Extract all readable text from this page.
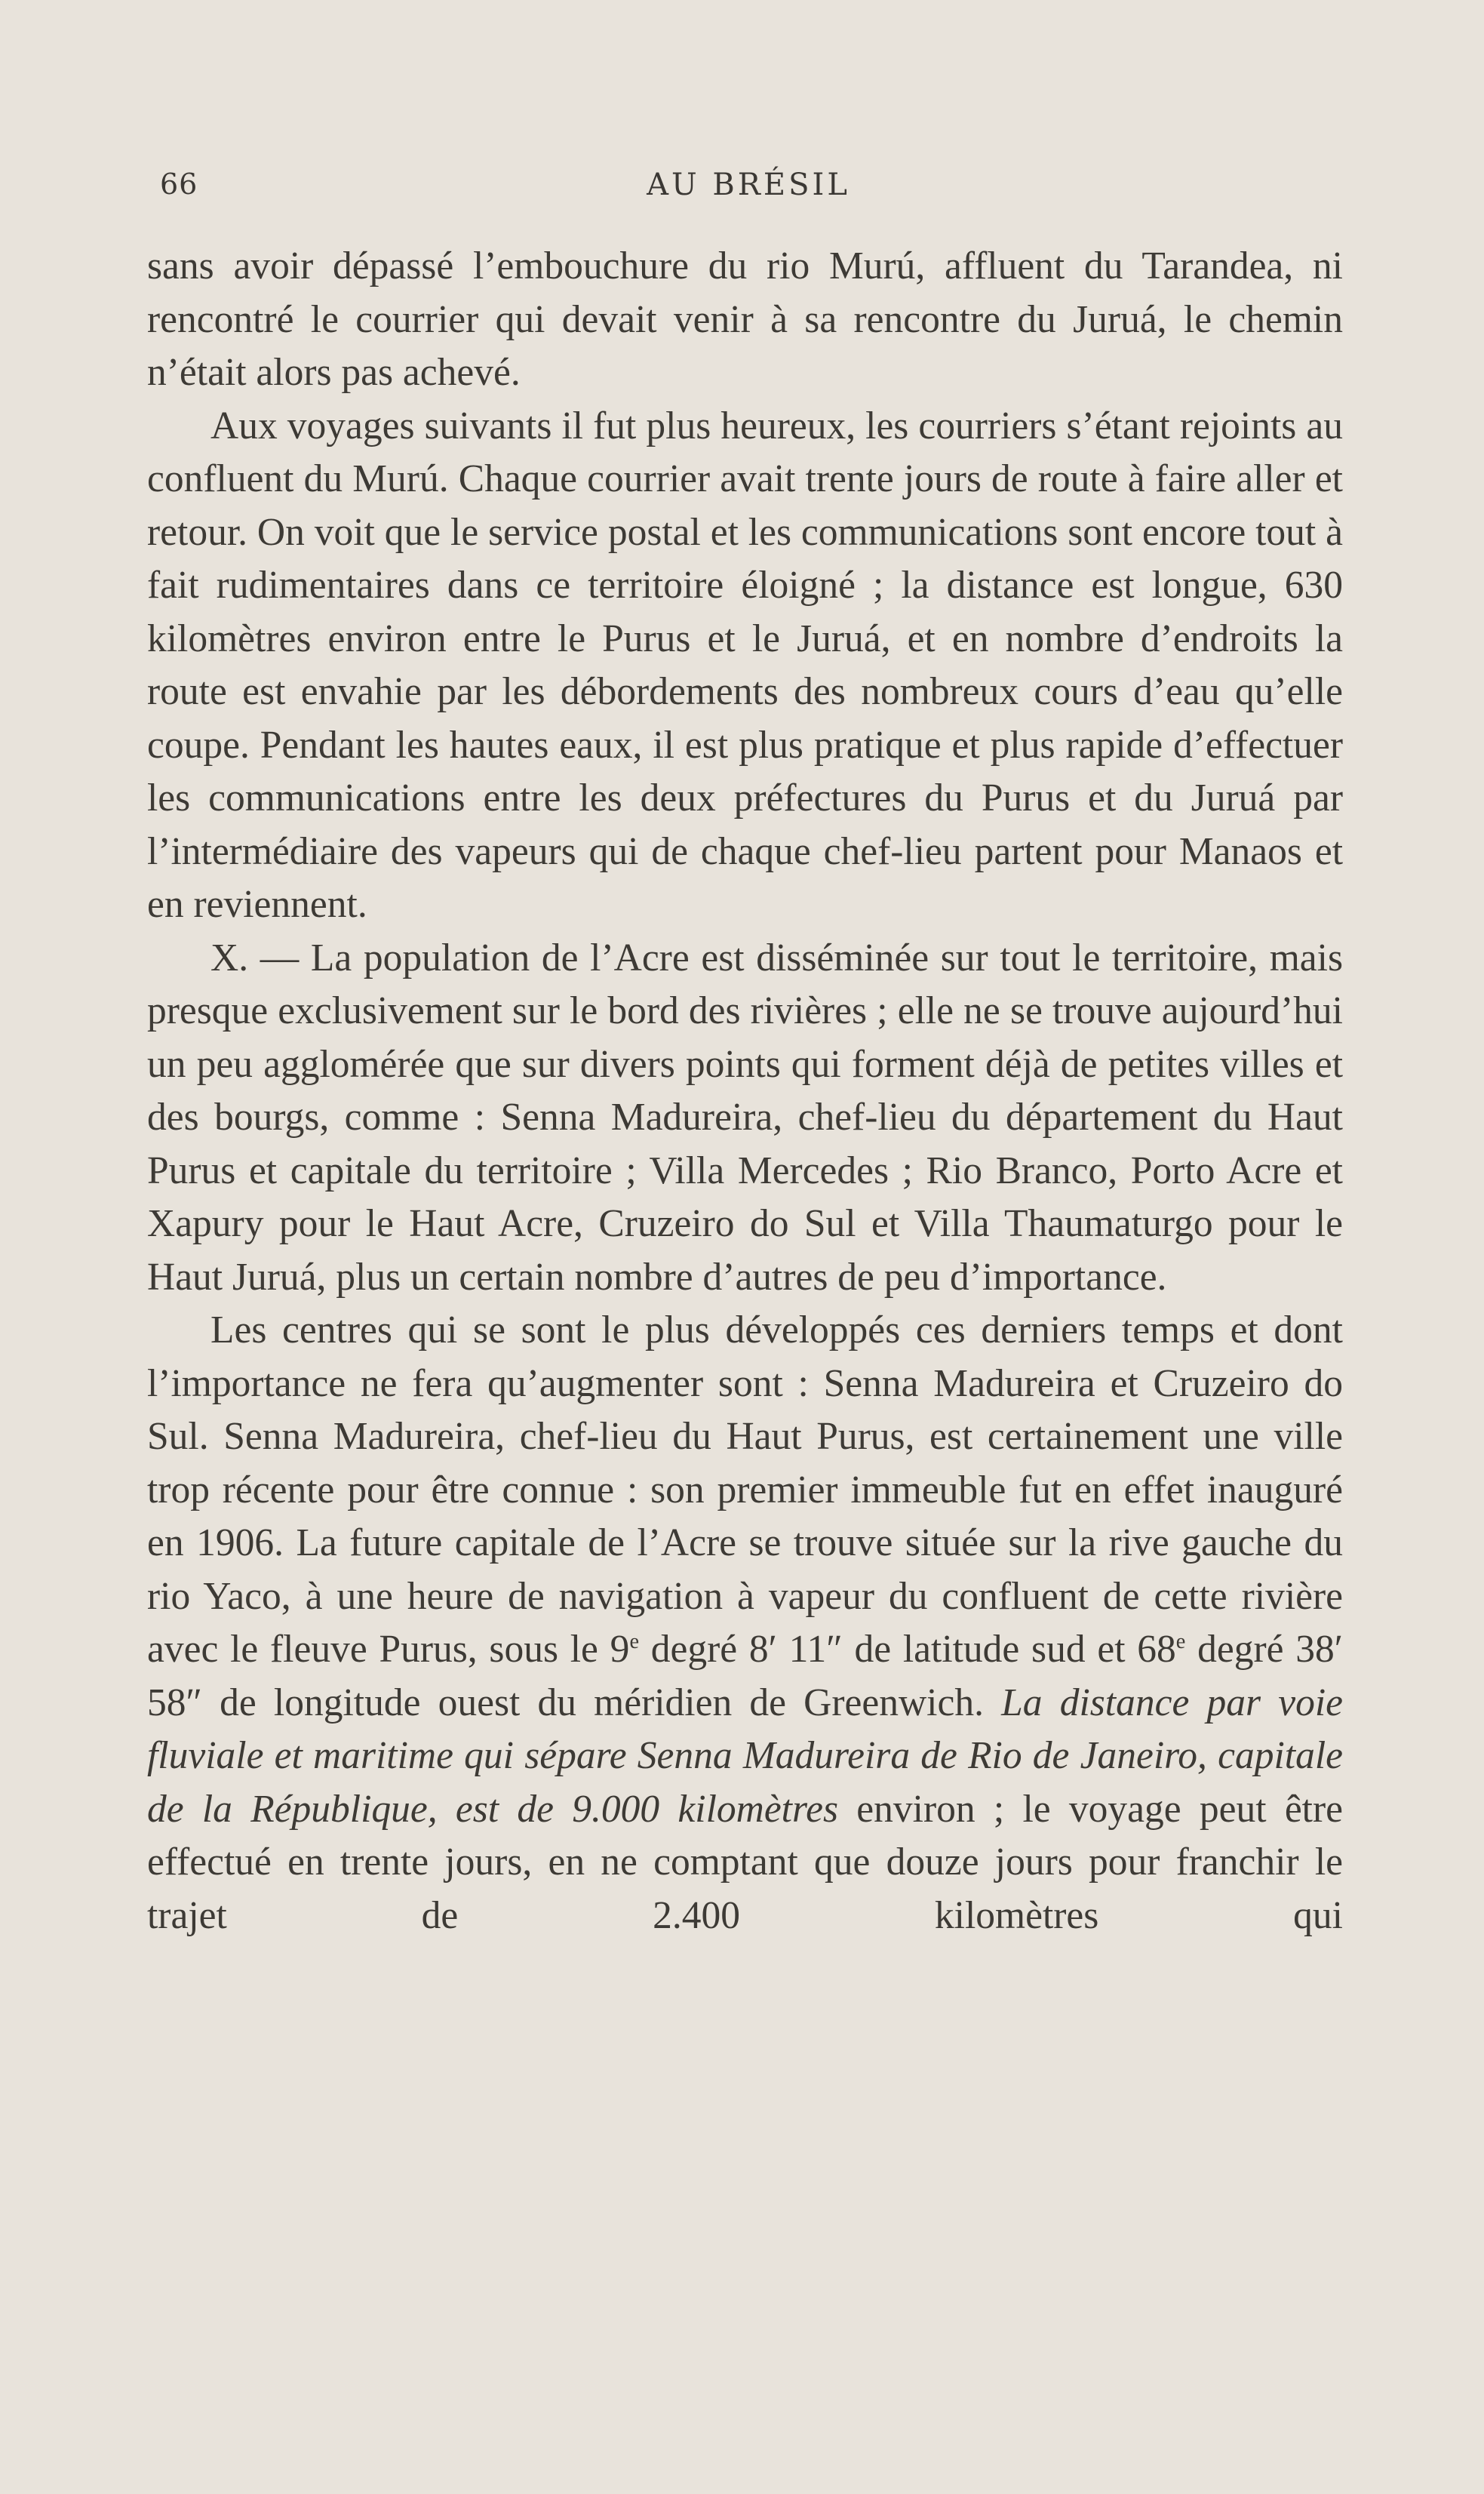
66	AU BRÉSIL

sans avoir dépassé l’embouchure du rio Murú, affluent du Tarandea, ni rencontré le courrier qui devait venir à sa rencontre du Juruá, le chemin n’était alors pas achevé.

Aux voyages suivants il fut plus heureux, les courriers s’étant rejoints au confluent du Murú. Chaque courrier avait trente jours de route à faire aller et retour. On voit que le service postal et les communications sont encore tout à fait rudimentaires dans ce territoire éloigné ; la distance est longue, 630 kilomètres environ entre le Purus et le Juruá, et en nombre d’endroits la route est envahie par les débordements des nombreux cours d’eau qu’elle coupe. Pendant les hautes eaux, il est plus pratique et plus rapide d’effectuer les communications entre les deux préfectures du Purus et du Juruá par l’intermédiaire des vapeurs qui de chaque chef-lieu partent pour Manaos et en reviennent.

X. — La population de l’Acre est disséminée sur tout le territoire, mais presque exclusivement sur le bord des rivières ; elle ne se trouve aujourd’hui un peu agglomérée que sur divers points qui forment déjà de petites villes et des bourgs, comme : Senna Madureira, chef-lieu du département du Haut Purus et capitale du territoire ; Villa Mercedes ; Rio Branco, Porto Acre et Xapury pour le Haut Acre, Cruzeiro do Sul et Villa Thaumaturgo pour le Haut Juruá, plus un certain nombre d’autres de peu d’importance.

Les centres qui se sont le plus développés ces derniers temps et dont l’importance ne fera qu’augmenter sont : Senna Madureira et Cruzeiro do Sul. Senna Madureira, chef-lieu du Haut Purus, est certainement une ville trop récente pour être connue : son premier immeuble fut en effet inauguré en 1906. La future capitale de l’Acre se trouve située sur la rive gauche du rio Yaco, à une heure de navigation à vapeur du confluent de cette rivière avec le fleuve Purus, sous le 9e degré 8′ 11″ de latitude sud et 68e degré 38′ 58″ de longitude ouest du méridien de Greenwich. La distance par voie fluviale et maritime qui sépare Senna Madureira de Rio de Janeiro, capitale de la République, est de 9.000 kilomètres environ ; le voyage peut être effectué en trente jours, en ne comptant que douze jours pour franchir le trajet de 2.400 kilomètres qui
